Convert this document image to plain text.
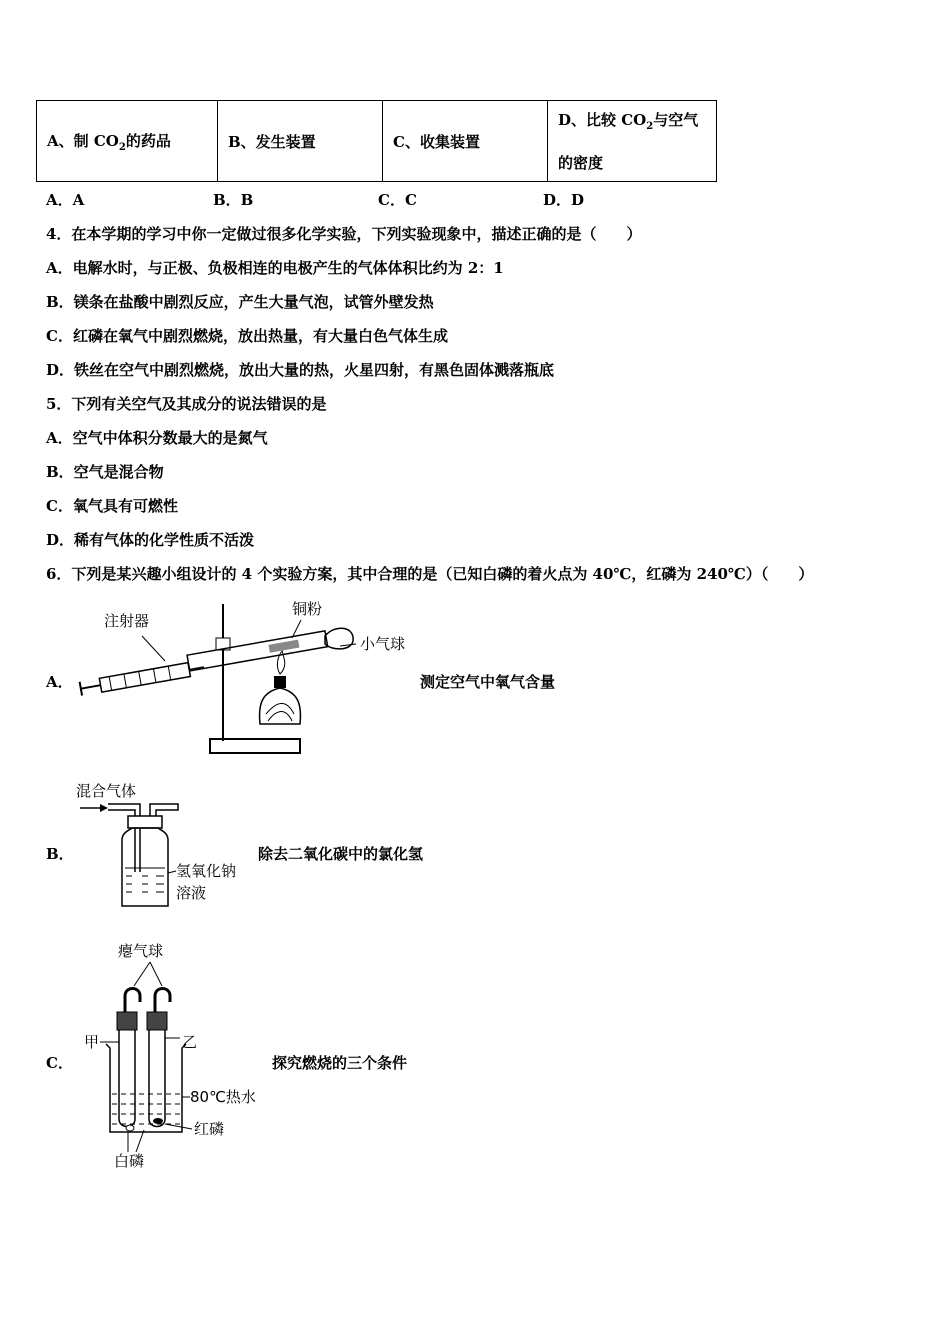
A、制 $CO_2$的药品	B、发生装置	C、收集装置	D、比较 $CO_2$与空气
的密度
A．A	B．B	C．C	D．D
4．在本学期的学习中你一定做过很多化学实验，下列实验现象中，描述正确的是（　　）
A．电解水时，与正极、负极相连的电极产生的气体体积比约为 2：1
B．镁条在盐酸中剧烈反应，产生大量气泡，试管外壁发热
C．红磷在氧气中剧烈燃烧，放出热量，有大量白色气体生成
D．铁丝在空气中剧烈燃烧，放出大量的热，火星四射，有黑色固体溅落瓶底
5．下列有关空气及其成分的说法错误的是
A．空气中体积分数最大的是氮气
B．空气是混合物
C．氧气具有可燃性
D．稀有气体的化学性质不活泼
6．下列是某兴趣小组设计的 4 个实验方案，其中合理的是（已知白磷的着火点为 40℃，红磷为 240℃）（　　）
A．	测定空气中氧气含量
注射器
铜粉
小气球
B．	除去二氧化碳中的氯化氢
混合气体
氢氧化钠
溶液
C．	探究燃烧的三个条件
瘪气球
甲	乙
80℃热水
红磷
白磷
